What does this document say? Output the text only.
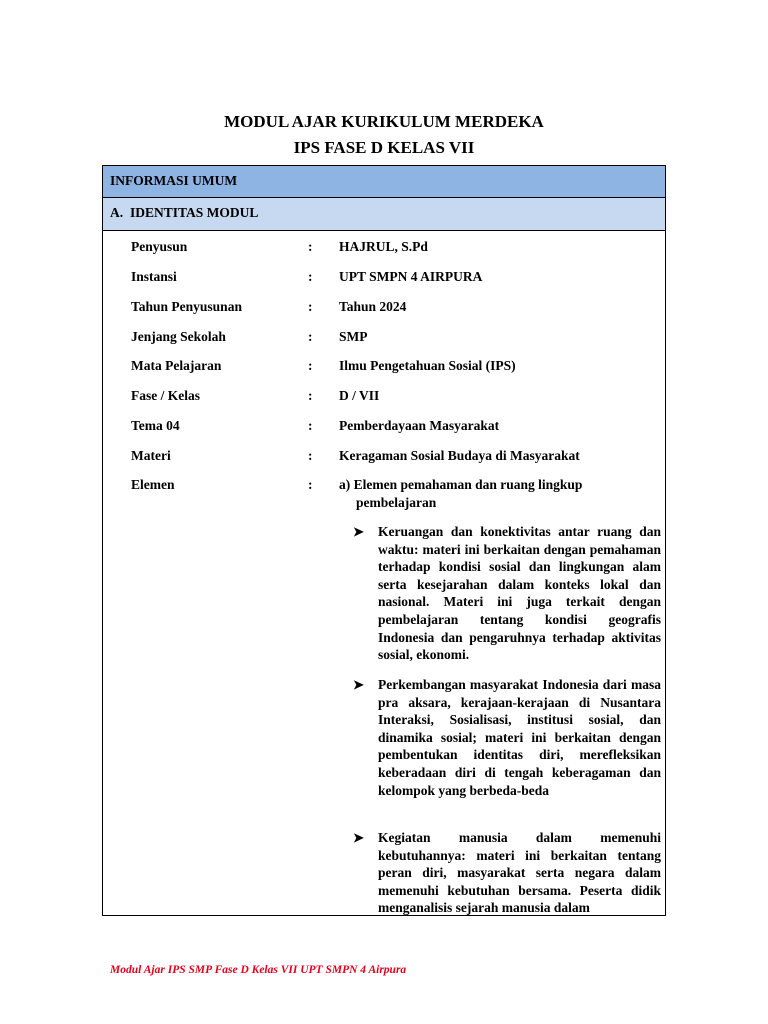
MODUL AJAR KURIKULUM MERDEKA
IPS FASE D KELAS VII
INFORMASI UMUM
A. IDENTITAS MODUL
Penyusun	: HAJRUL, S.Pd
Instansi	: UPT SMPN 4 AIRPURA
Tahun Penyusunan	: Tahun 2024
Jenjang Sekolah	: SMP
Mata Pelajaran	: Ilmu Pengetahuan Sosial (IPS)
Fase / Kelas	: D / VII
Tema 04	: Pemberdayaan Masyarakat
Materi	: Keragaman Sosial Budaya di Masyarakat
Elemen	: a) Elemen pemahaman dan ruang lingkup
pembelajaran
➤	Keruangan dan konektivitas antar ruang dan waktu: materi ini berkaitan dengan pemahaman terhadap kondisi sosial dan lingkungan alam serta kesejarahan dalam konteks lokal dan nasional. Materi ini juga terkait dengan pembelajaran tentang kondisi geografis Indonesia dan pengaruhnya terhadap aktivitas sosial, ekonomi.
➤	Perkembangan masyarakat Indonesia dari masa pra aksara, kerajaan-kerajaan di Nusantara Interaksi, Sosialisasi, institusi sosial, dan dinamika sosial; materi ini berkaitan dengan pembentukan identitas diri, merefleksikan keberadaan diri di tengah keberagaman dan kelompok yang berbeda-beda
➤	Kegiatan manusia dalam memenuhi kebutuhannya: materi ini berkaitan tentang peran diri, masyarakat serta negara dalam memenuhi kebutuhan bersama. Peserta didik menganalisis sejarah manusia dalam
Modul Ajar IPS SMP Fase D Kelas VII UPT SMPN 4 Airpura
